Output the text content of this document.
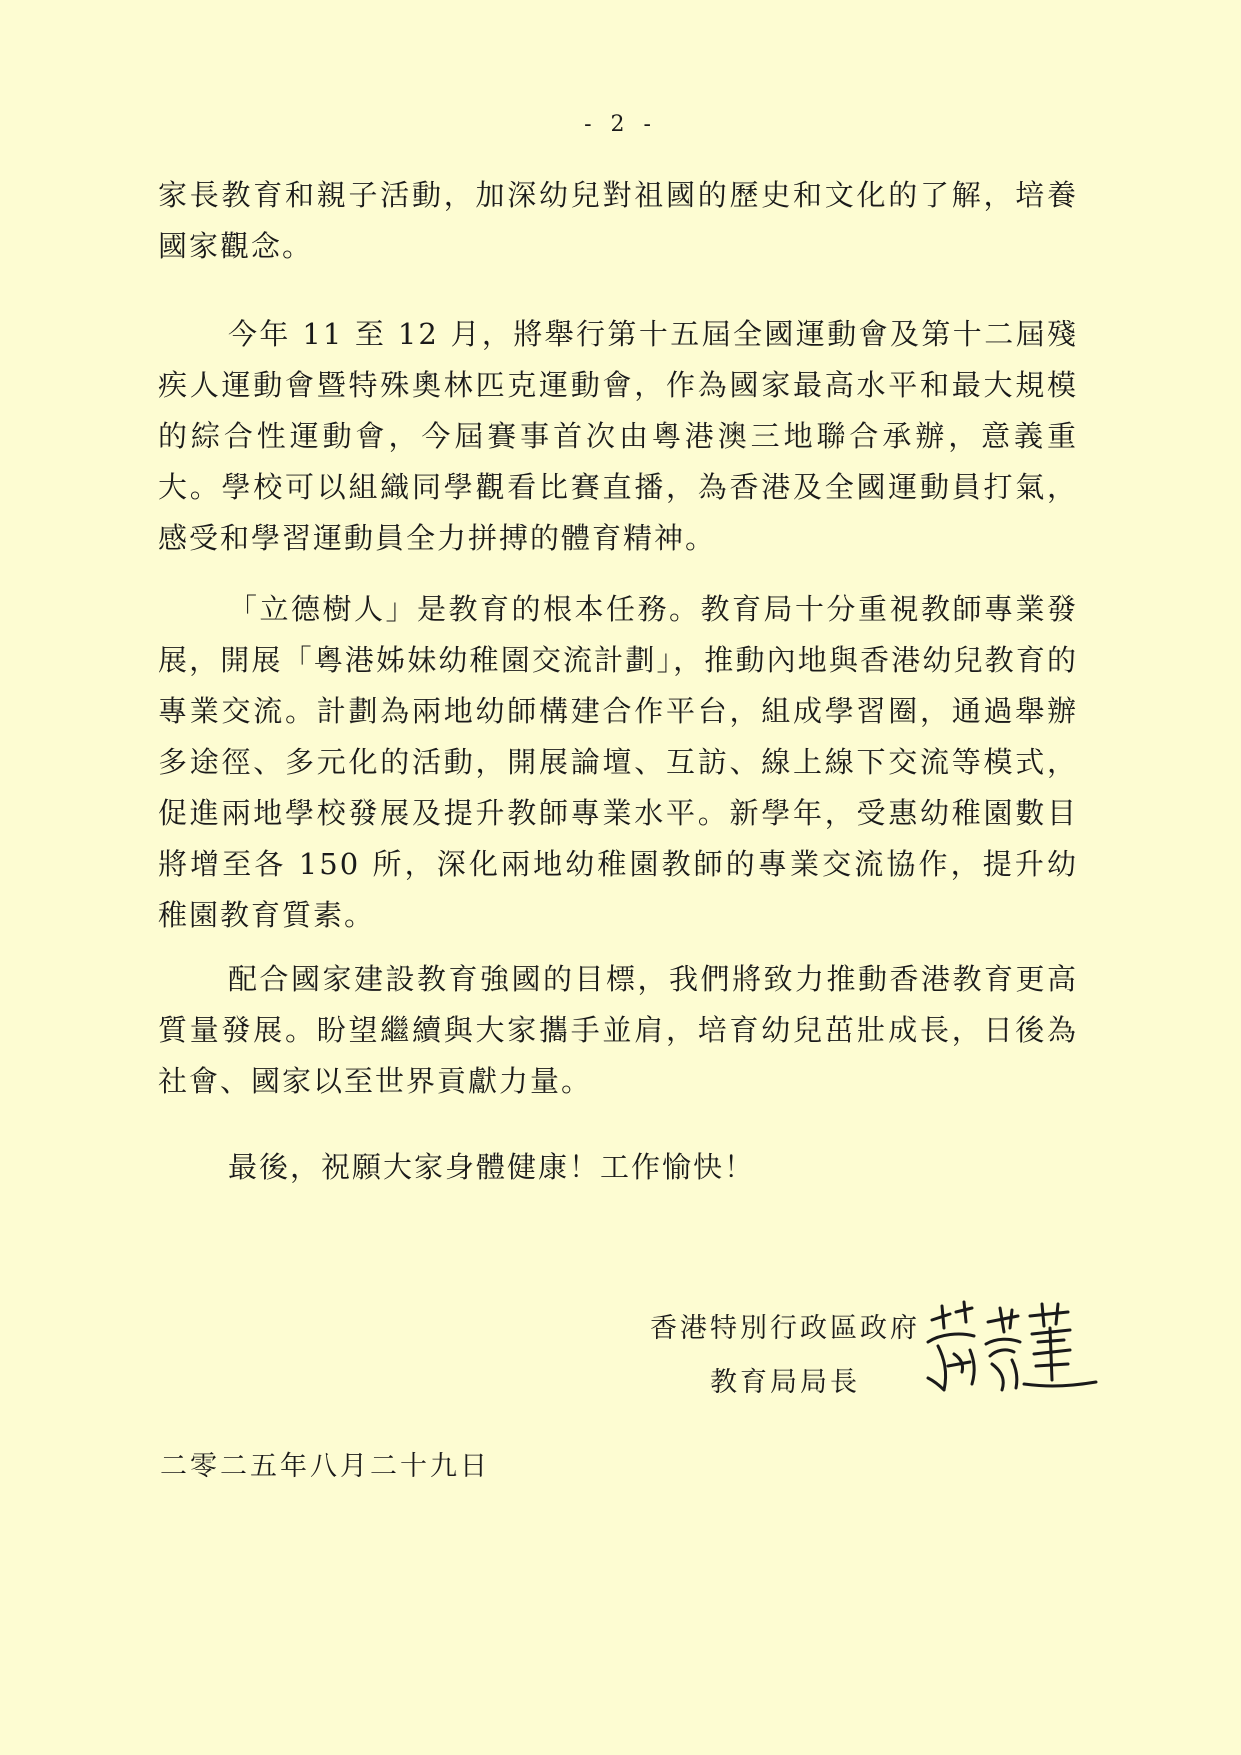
- 2 -

家長教育和親子活動，加深幼兒對祖國的歷史和文化的了解，培養國家觀念。

今年 11 至 12 月，將舉行第十五屆全國運動會及第十二屆殘疾人運動會暨特殊奧林匹克運動會，作為國家最高水平和最大規模的綜合性運動會，今屆賽事首次由粵港澳三地聯合承辦，意義重大。學校可以組織同學觀看比賽直播，為香港及全國運動員打氣，感受和學習運動員全力拼搏的體育精神。

「立德樹人」是教育的根本任務。教育局十分重視教師專業發展，開展「粵港姊妹幼稚園交流計劃」，推動內地與香港幼兒教育的專業交流。計劃為兩地幼師構建合作平台，組成學習圈，通過舉辦多途徑、多元化的活動，開展論壇、互訪、線上線下交流等模式，促進兩地學校發展及提升教師專業水平。新學年，受惠幼稚園數目將增至各 150 所，深化兩地幼稚園教師的專業交流協作，提升幼稚園教育質素。

配合國家建設教育強國的目標，我們將致力推動香港教育更高質量發展。盼望繼續與大家攜手並肩，培育幼兒茁壯成長，日後為社會、國家以至世界貢獻力量。

最後，祝願大家身體健康！工作愉快！

香港特別行政區政府
教育局局長
二零二五年八月二十九日
